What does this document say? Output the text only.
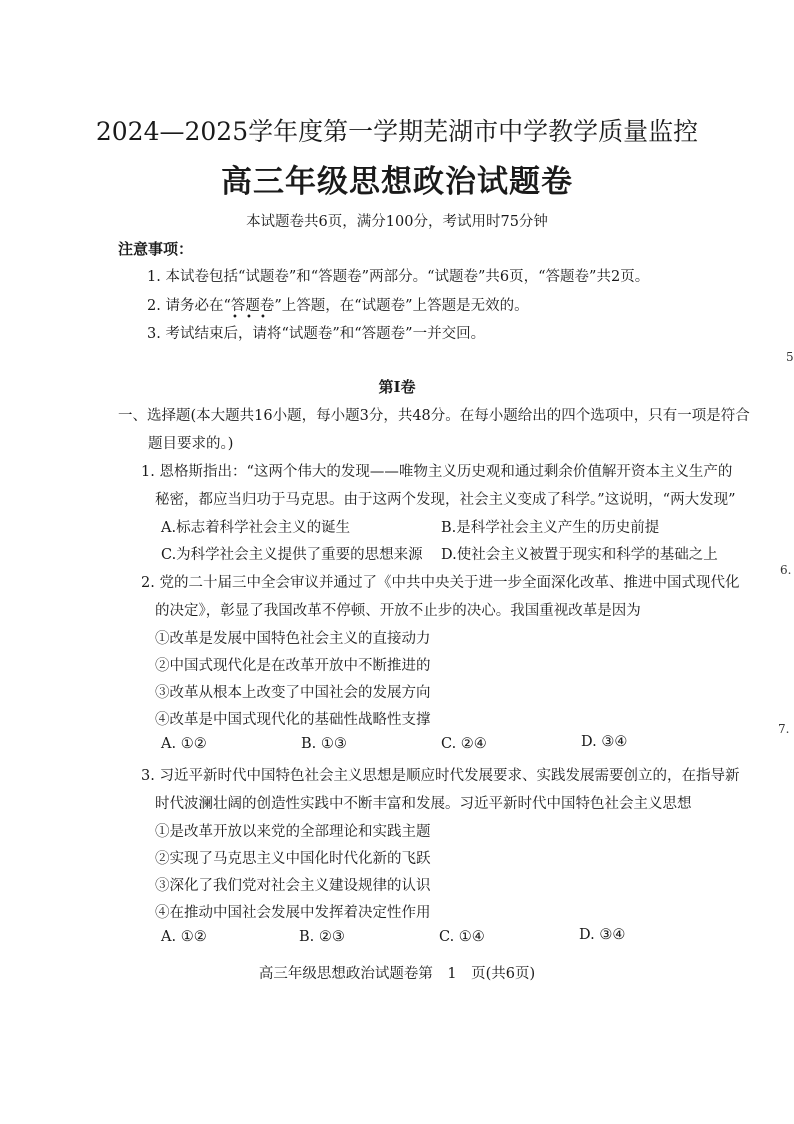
2024—2025学年度第一学期芜湖市中学教学质量监控
高三年级思想政治试题卷
本试题卷共6页，满分100分，考试用时75分钟
注意事项：
1. 本试卷包括“试题卷”和“答题卷”两部分。“试题卷”共6页，“答题卷”共2页。
2. 请务必在“答题卷”上答题，在“试题卷”上答题是无效的。
• • •
3. 考试结束后，请将“试题卷”和“答题卷”一并交回。
第Ⅰ卷
一、选择题(本大题共16小题，每小题3分，共48分。在每小题给出的四个选项中，只有一项是符合
题目要求的。)
1. 恩格斯指出：“这两个伟大的发现——唯物主义历史观和通过剩余价值解开资本主义生产的
秘密，都应当归功于马克思。由于这两个发现，社会主义变成了科学。”这说明，“两大发现”
A.标志着科学社会主义的诞生	B.是科学社会主义产生的历史前提
C.为科学社会主义提供了重要的思想来源 D.使社会主义被置于现实和科学的基础之上
2. 党的二十届三中全会审议并通过了《中共中央关于进一步全面深化改革、推进中国式现代化
的决定》，彰显了我国改革不停顿、开放不止步的决心。我国重视改革是因为
①改革是发展中国特色社会主义的直接动力
②中国式现代化是在改革开放中不断推进的
③改革从根本上改变了中国社会的发展方向
④改革是中国式现代化的基础性战略性支撑
A. ①②	B. ①③	C. ②④	D. ③④
3. 习近平新时代中国特色社会主义思想是顺应时代发展要求、实践发展需要创立的，在指导新
时代波澜壮阔的创造性实践中不断丰富和发展。习近平新时代中国特色社会主义思想
①是改革开放以来党的全部理论和实践主题
②实现了马克思主义中国化时代化新的飞跃
③深化了我们党对社会主义建设规律的认识
④在推动中国社会发展中发挥着决定性作用
A. ①②	B. ②③	C. ①④	D. ③④
高三年级思想政治试题卷第　1　页(共6页)
5
6.
7.
